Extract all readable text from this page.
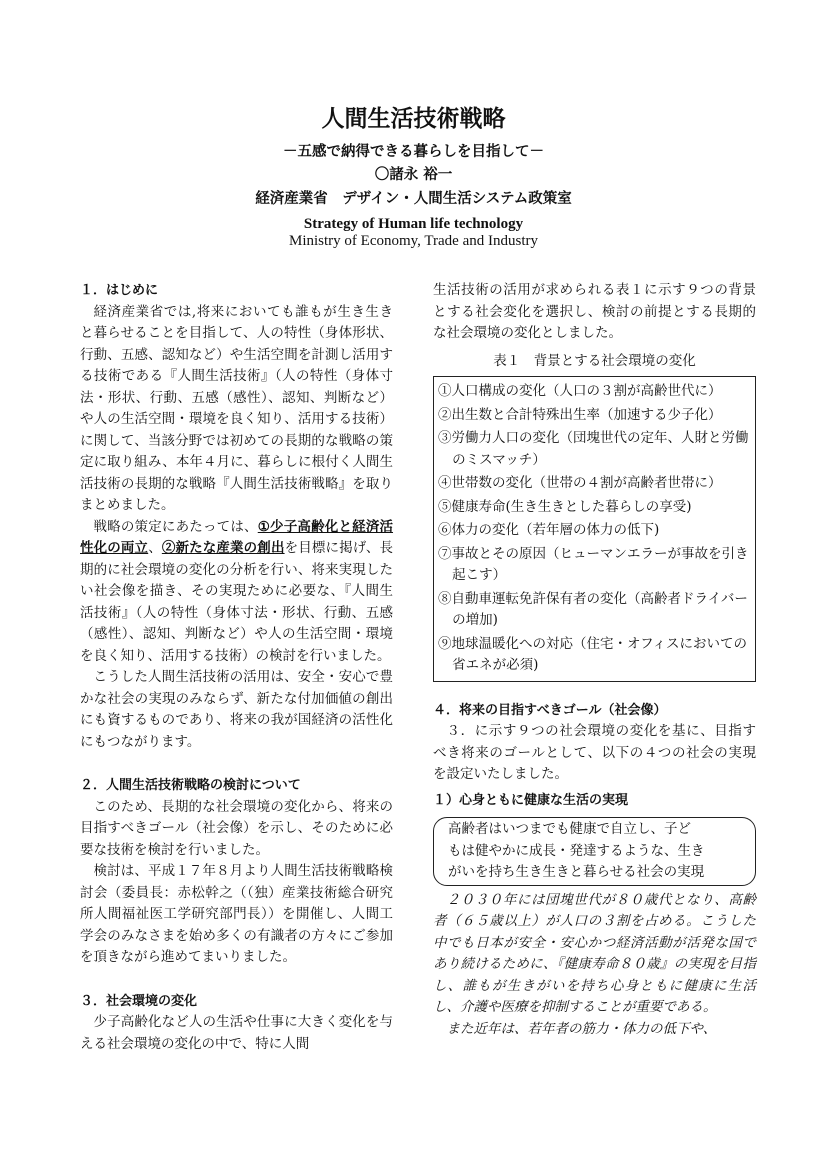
人間生活技術戦略
－五感で納得できる暮らしを目指して－
〇諸永 裕一
経済産業省　デザイン・人間生活システム政策室
Strategy of Human life technology
Ministry of Economy, Trade and Industry
１．はじめに

経済産業省では,将来においても誰もが生き生きと暮らせることを目指して、人の特性（身体形状、行動、五感、認知など）や生活空間を計測し活用する技術である『人間生活技術』（人の特性（身体寸法・形状、行動、五感（感性）、認知、判断など）や人の生活空間・環境を良く知り、活用する技術）に関して、当該分野では初めての長期的な戦略の策定に取り組み、本年４月に、暮らしに根付く人間生活技術の長期的な戦略『人間生活技術戦略』を取りまとめました。

戦略の策定にあたっては、①少子高齢化と経済活性化の両立、②新たな産業の創出を目標に掲げ、長期的に社会環境の変化の分析を行い、将来実現したい社会像を描き、その実現ために必要な、『人間生活技術』（人の特性（身体寸法・形状、行動、五感（感性）、認知、判断など）や人の生活空間・環境を良く知り、活用する技術）の検討を行いました。

こうした人間生活技術の活用は、安全・安心で豊かな社会の実現のみならず、新たな付加価値の創出にも資するものであり、将来の我が国経済の活性化にもつながります。

２．人間生活技術戦略の検討について

このため、長期的な社会環境の変化から、将来の目指すべきゴール（社会像）を示し、そのために必要な技術を検討を行いました。

検討は、平成１７年８月より人間生活技術戦略検討会（委員長：赤松幹之（（独）産業技術総合研究所人間福祉医工学研究部門長））を開催し、人間工学会のみなさまを始め多くの有識者の方々にご参加を頂きながら進めてまいりました。

３．社会環境の変化

少子高齢化など人の生活や仕事に大きく変化を与える社会環境の変化の中で、特に人間

生活技術の活用が求められる表１に示す９つの背景とする社会変化を選択し、検討の前提とする長期的な社会環境の変化としました。

表１　背景とする社会環境の変化
①人口構成の変化（人口の３割が高齢世代に）
②出生数と合計特殊出生率（加速する少子化）
③労働力人口の変化（団塊世代の定年、人財と労働のミスマッチ）
④世帯数の変化（世帯の４割が高齢者世帯に）
⑤健康寿命(生き生きとした暮らしの享受)
⑥体力の変化（若年層の体力の低下)
⑦事故とその原因（ヒューマンエラーが事故を引き起こす）
⑧自動車運転免許保有者の変化（高齢者ドライバーの増加)
⑨地球温暖化への対応（住宅・オフィスにおいての省エネが必須)
４．将来の目指すべきゴール（社会像）

３．に示す９つの社会環境の変化を基に、目指すべき将来のゴールとして、以下の４つの社会の実現を設定いたしました。

１）心身ともに健康な生活の実現
高齢者はいつまでも健康で自立し、子ど
もは健やかに成長・発達するような、生き
がいを持ち生き生きと暮らせる社会の実現

２０３０年には団塊世代が８０歳代となり、高齢者（６５歳以上）が人口の３割を占める。こうした中でも日本が安全・安心かつ経済活動が活発な国であり続けるために、『健康寿命８０歳』の実現を目指し、誰もが生きがいを持ち心身ともに健康に生活し、介護や医療を抑制することが重要である。

また近年は、若年者の筋力・体力の低下や、
